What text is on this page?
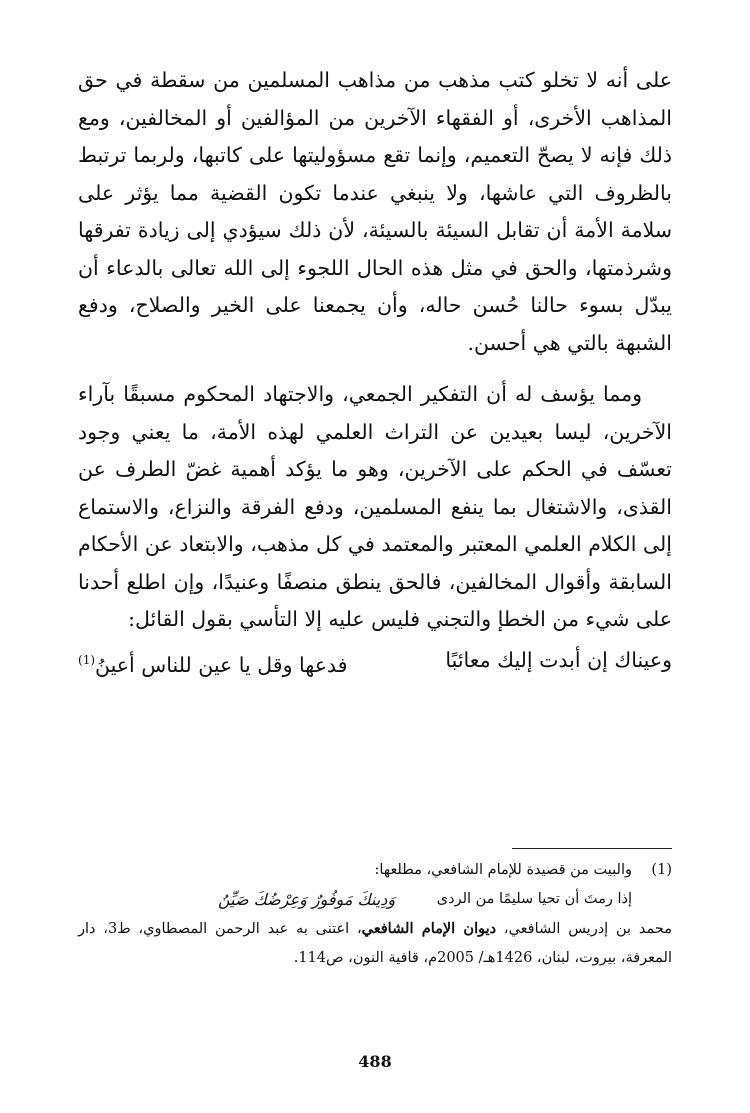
على أنه لا تخلو كتب مذهب من مذاهب المسلمين من سقطة في حق المذاهب الأخرى، أو الفقهاء الآخرين من المؤالفين أو المخالفين، ومع ذلك فإنه لا يصحّ التعميم، وإنما تقع مسؤوليتها على كاتبها، ولربما ترتبط بالظروف التي عاشها، ولا ينبغي عندما تكون القضية مما يؤثر على سلامة الأمة أن تقابل السيئة بالسيئة، لأن ذلك سيؤدي إلى زيادة تفرقها وشرذمتها، والحق في مثل هذه الحال اللجوء إلى الله تعالى بالدعاء أن يبدّل بسوء حالنا حُسن حاله، وأن يجمعنا على الخير والصلاح، ودفع الشبهة بالتي هي أحسن.

ومما يؤسف له أن التفكير الجمعي، والاجتهاد المحكوم مسبقًا بآراء الآخرين، ليسا بعيدين عن التراث العلمي لهذه الأمة، ما يعني وجود تعسّف في الحكم على الآخرين، وهو ما يؤكد أهمية غضّ الطرف عن القذى، والاشتغال بما ينفع المسلمين، ودفع الفرقة والنزاع، والاستماع إلى الكلام العلمي المعتبر والمعتمد في كل مذهب، والابتعاد عن الأحكام السابقة وأقوال المخالفين، فالحق ينطق منصفًا وعنيدًا، وإن اطلع أحدنا على شيء من الخطإ والتجني فليس عليه إلا التأسي بقول القائل:

وعيناك إن أبدت إليك معائبًا
فدعها وقل يا عين للناس أعينُ$^{(1)}$
(1)
والبيت من قصيدة للإمام الشافعي، مطلعها:
إذا رمتَ أن تحيا سليمًا من الردى
وَدِينكَ مَوفُورٌ وَعِرْضُكَ صَيِّنُ
محمد بن إدريس الشافعي، ديوان الإمام الشافعي، اعتنى به عبد الرحمن المصطاوي، ط3، دار المعرفة، بيروت، لبنان، 1426هـ/ 2005م، قافية النون، ص114.
488
